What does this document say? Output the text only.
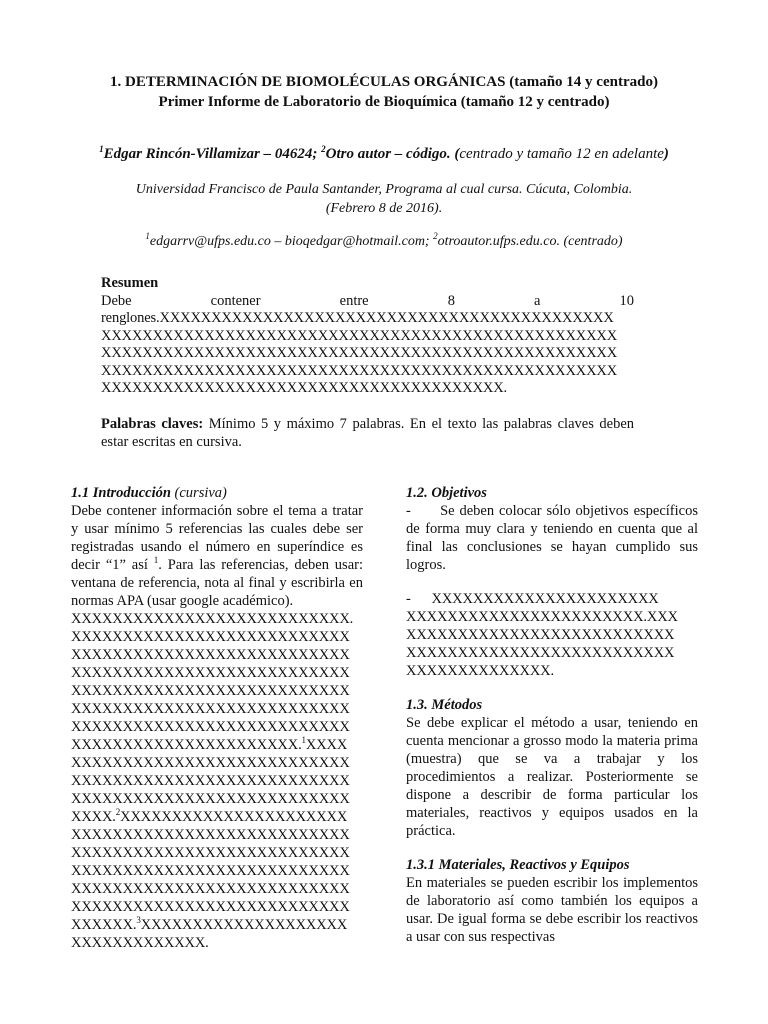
1. DETERMINACIÓN DE BIOMOLÉCULAS ORGÁNICAS (tamaño 14 y centrado)
Primer Informe de Laboratorio de Bioquímica (tamaño 12 y centrado)
$^1$Edgar Rincón-Villamizar – 04624; $^2$Otro autor – código. (centrado y tamaño 12 en adelante)
Universidad Francisco de Paula Santander, Programa al cual cursa. Cúcuta, Colombia.
(Febrero 8 de 2016).
$^1$edgarrv@ufps.edu.co – bioqedgar@hotmail.com; $^2$otroautor.ufps.edu.co. (centrado)
Resumen
Debe	contener	entre	8	a	10
renglones.XXXXXXXXXXXXXXXXXXXXXXXXXXXXXXXXXXXXXXXXXXXX
XXXXXXXXXXXXXXXXXXXXXXXXXXXXXXXXXXXXXXXXXXXXXXXXXX
XXXXXXXXXXXXXXXXXXXXXXXXXXXXXXXXXXXXXXXXXXXXXXXXXX
XXXXXXXXXXXXXXXXXXXXXXXXXXXXXXXXXXXXXXXXXXXXXXXXXX
XXXXXXXXXXXXXXXXXXXXXXXXXXXXXXXXXXXXXXX.
Palabras claves: Mínimo 5 y máximo 7 palabras. En el texto las palabras claves deben estar escritas en cursiva.
1.1 Introducción (cursiva)
Debe contener información sobre el tema a tratar y usar mínimo 5 referencias las cuales debe ser registradas usando el número en superíndice es decir “1” así $^1$. Para las referencias, deben usar: ventana de referencia, nota al final y escribirla en normas APA (usar google académico).
XXXXXXXXXXXXXXXXXXXXXXXXXXX.
XXXXXXXXXXXXXXXXXXXXXXXXXXX
XXXXXXXXXXXXXXXXXXXXXXXXXXX
XXXXXXXXXXXXXXXXXXXXXXXXXXX
XXXXXXXXXXXXXXXXXXXXXXXXXXX
XXXXXXXXXXXXXXXXXXXXXXXXXXX
XXXXXXXXXXXXXXXXXXXXXXXXXXX
XXXXXXXXXXXXXXXXXXXXXX.$^1$XXXX
XXXXXXXXXXXXXXXXXXXXXXXXXXX
XXXXXXXXXXXXXXXXXXXXXXXXXXX
XXXXXXXXXXXXXXXXXXXXXXXXXXX
XXXX.$^2$XXXXXXXXXXXXXXXXXXXXXX
XXXXXXXXXXXXXXXXXXXXXXXXXXX
XXXXXXXXXXXXXXXXXXXXXXXXXXX
XXXXXXXXXXXXXXXXXXXXXXXXXXX
XXXXXXXXXXXXXXXXXXXXXXXXXXX
XXXXXXXXXXXXXXXXXXXXXXXXXXX
XXXXXX.$^3$XXXXXXXXXXXXXXXXXXXX
XXXXXXXXXXXXX.
1.2. Objetivos
-      Se deben colocar sólo objetivos específicos de forma muy clara y teniendo en cuenta que al final las conclusiones se hayan cumplido sus logros.
-      XXXXXXXXXXXXXXXXXXXXXX
XXXXXXXXXXXXXXXXXXXXXXX.XXX
XXXXXXXXXXXXXXXXXXXXXXXXXX
XXXXXXXXXXXXXXXXXXXXXXXXXX
XXXXXXXXXXXXXX.
1.3. Métodos
Se debe explicar el método a usar, teniendo en cuenta mencionar a grosso modo la materia prima (muestra) que se va a trabajar y los procedimientos a realizar. Posteriormente se dispone a describir de forma particular los materiales, reactivos y equipos usados en la práctica.
1.3.1 Materiales, Reactivos y Equipos
En materiales se pueden escribir los implementos de laboratorio así como también los equipos a usar. De igual forma se debe escribir los reactivos a usar con sus respectivas
